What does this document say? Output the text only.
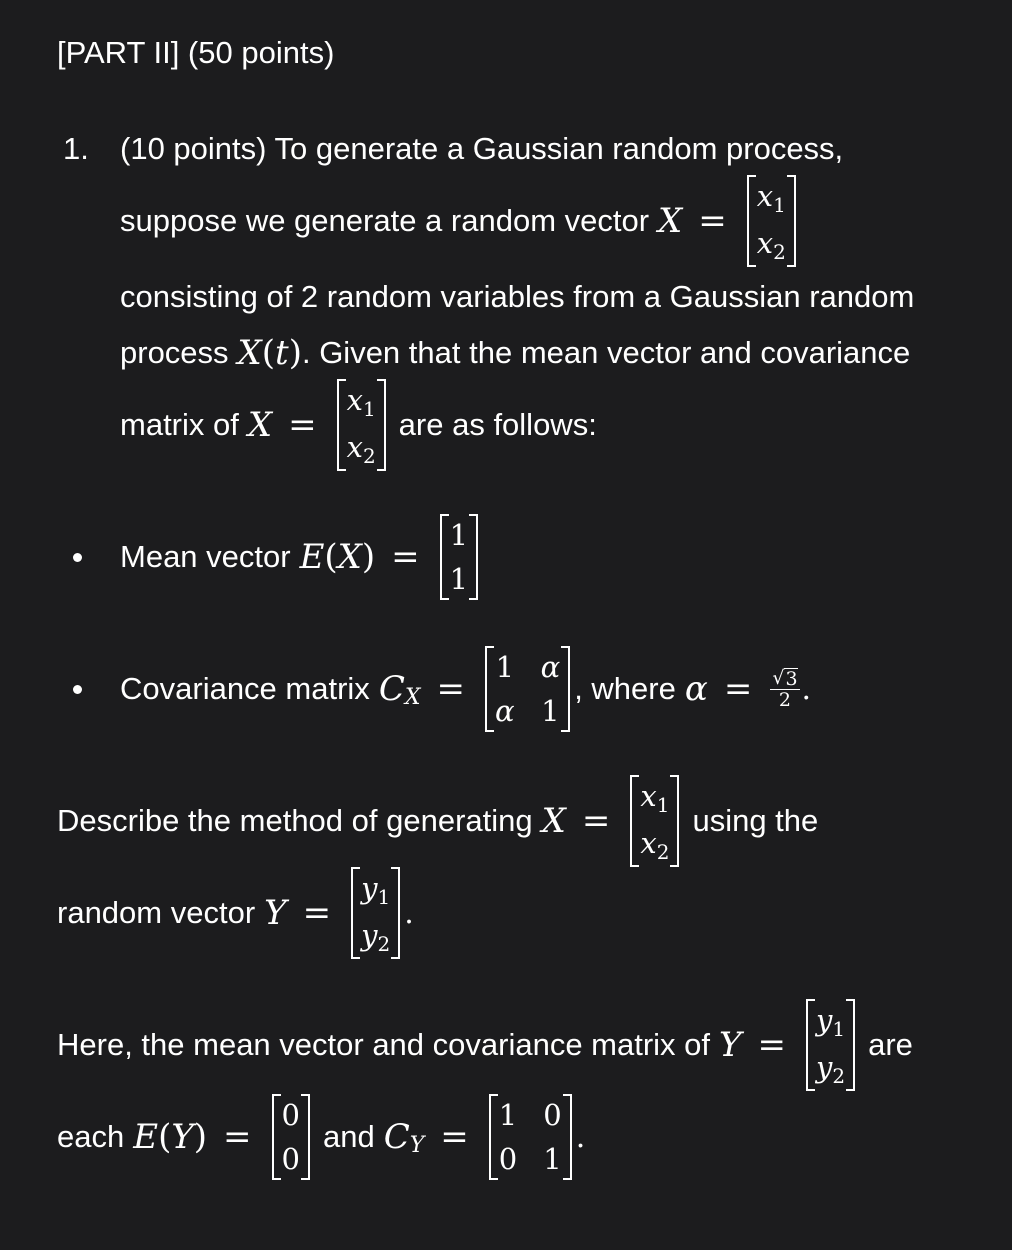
[PART II] (50 points)
1. (10 points) To generate a Gaussian random process,
suppose we generate a random vector X =
$x_1$
$x_2$
consisting of 2 random variables from a Gaussian random
process X ( t ) . Given that the mean vector and covariance
matrix of X =
$x_1$
$x_2$
are as follows:
Mean vector E ( X ) =
1
1
Covariance matrix C X =
1 α
α 1
, where $\alpha = \frac{√ 3}{2}$ .
Describe the method of generating X =
$x_1$
$x_2$
using the
random vector Y =
$y_1$
$y_2$
.
Here, the mean vector and covariance matrix of Y =
$y_1$
$y_2$
are
each E ( Y ) =
0
0
and C Y =
1 0
0 1
.
